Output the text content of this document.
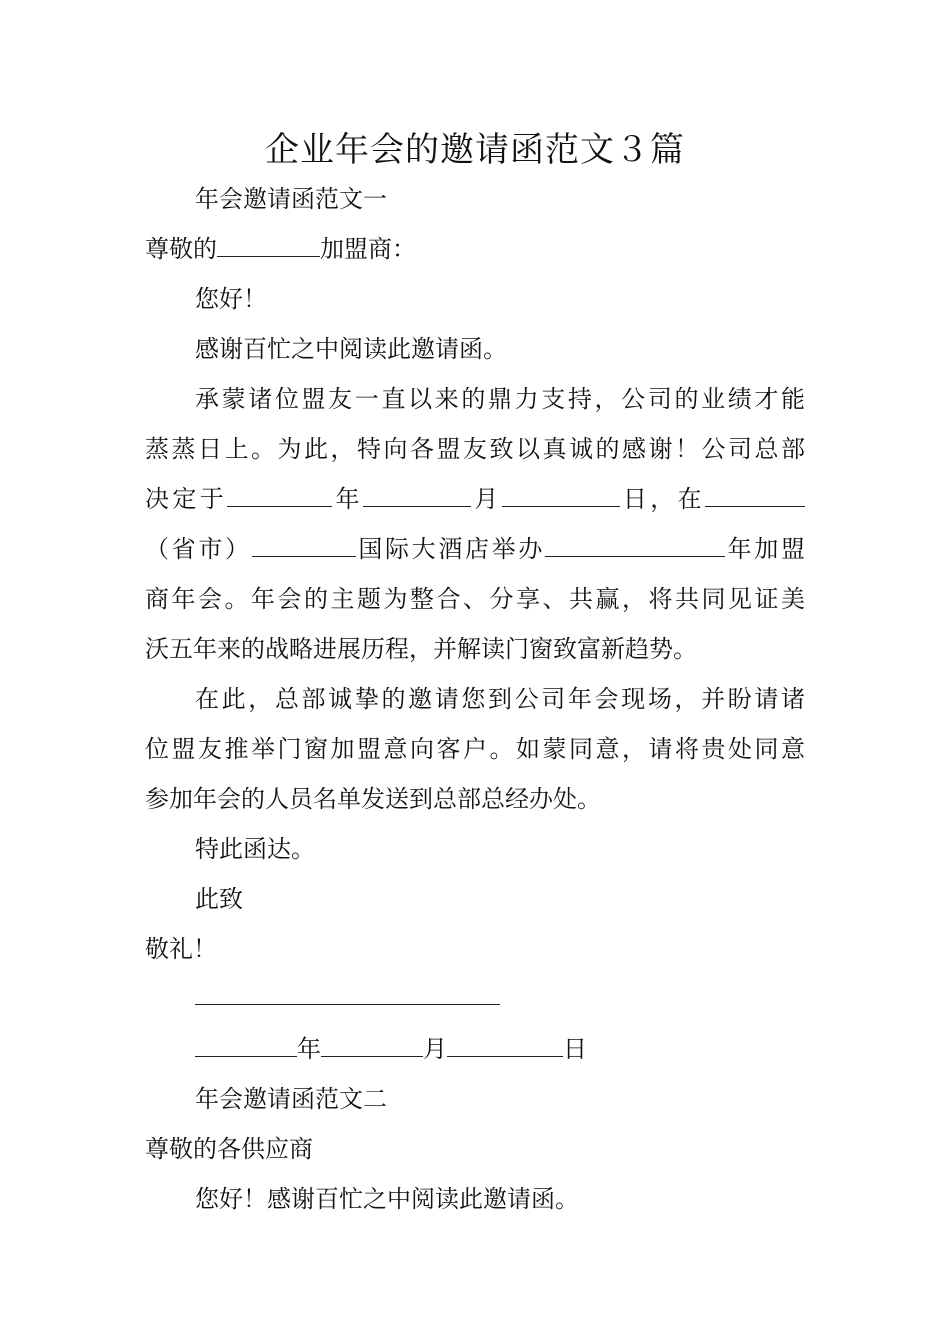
企业年会的邀请函范文３篇
年会邀请函范文一
尊敬的	加盟商：
您好！
感谢百忙之中阅读此邀请函。
承蒙诸位盟友一直以来的鼎力支持，公司的业绩才能
蒸蒸日上。为此，特向各盟友致以真诚的感谢！公司总部
决定于	年	月	日，在
（省市）	国际大酒店举办	年加盟
商年会。年会的主题为整合、分享、共赢，将共同见证美
沃五年来的战略进展历程，并解读门窗致富新趋势。
在此，总部诚挚的邀请您到公司年会现场，并盼请诸
位盟友推举门窗加盟意向客户。如蒙同意，请将贵处同意
参加年会的人员名单发送到总部总经办处。
特此函达。
此致
敬礼！
年	月	日
年会邀请函范文二
尊敬的各供应商
您好！感谢百忙之中阅读此邀请函。
